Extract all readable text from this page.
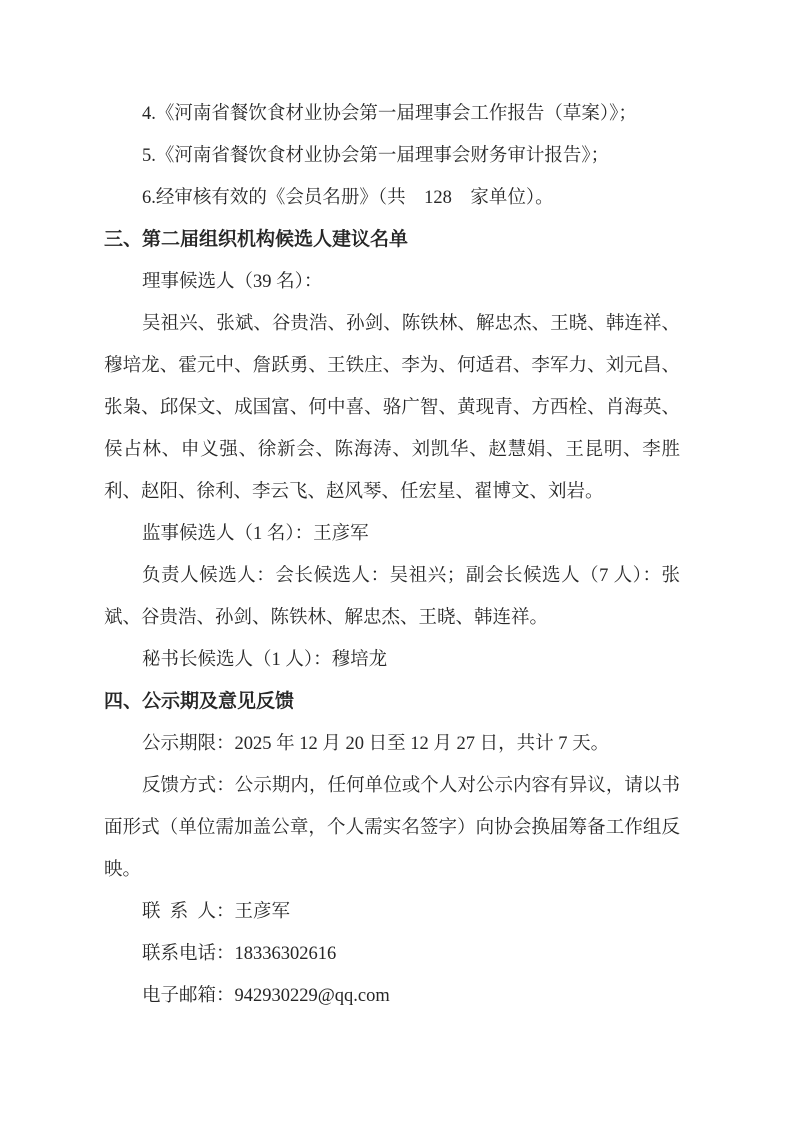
4.《河南省餐饮食材业协会第一届理事会工作报告（草案）》；

5.《河南省餐饮食材业协会第一届理事会财务审计报告》；

6.经审核有效的《会员名册》（共　128　家单位）。

三、第二届组织机构候选人建议名单

理事候选人（39 名）：

吴祖兴、张斌、谷贵浩、孙剑、陈铁林、解忠杰、王晓、韩连祥、穆培龙、霍元中、詹跃勇、王铁庄、李为、何适君、李军力、刘元昌、张枭、邱保文、成国富、何中喜、骆广智、黄现青、方西栓、肖海英、侯占林、申义强、徐新会、陈海涛、刘凯华、赵慧娟、王昆明、李胜利、赵阳、徐利、李云飞、赵风琴、任宏星、翟博文、刘岩。

监事候选人（1 名）：王彦军

负责人候选人：会长候选人：吴祖兴；副会长候选人（7 人）：张斌、谷贵浩、孙剑、陈铁林、解忠杰、王晓、韩连祥。

秘书长候选人（1 人）：穆培龙

四、公示期及意见反馈

公示期限：2025 年 12 月 20 日至 12 月 27 日，共计 7 天。

反馈方式：公示期内，任何单位或个人对公示内容有异议，请以书面形式（单位需加盖公章，个人需实名签字）向协会换届筹备工作组反映。

联 系 人：王彦军

联系电话：18336302616

电子邮箱：942930229@qq.com
